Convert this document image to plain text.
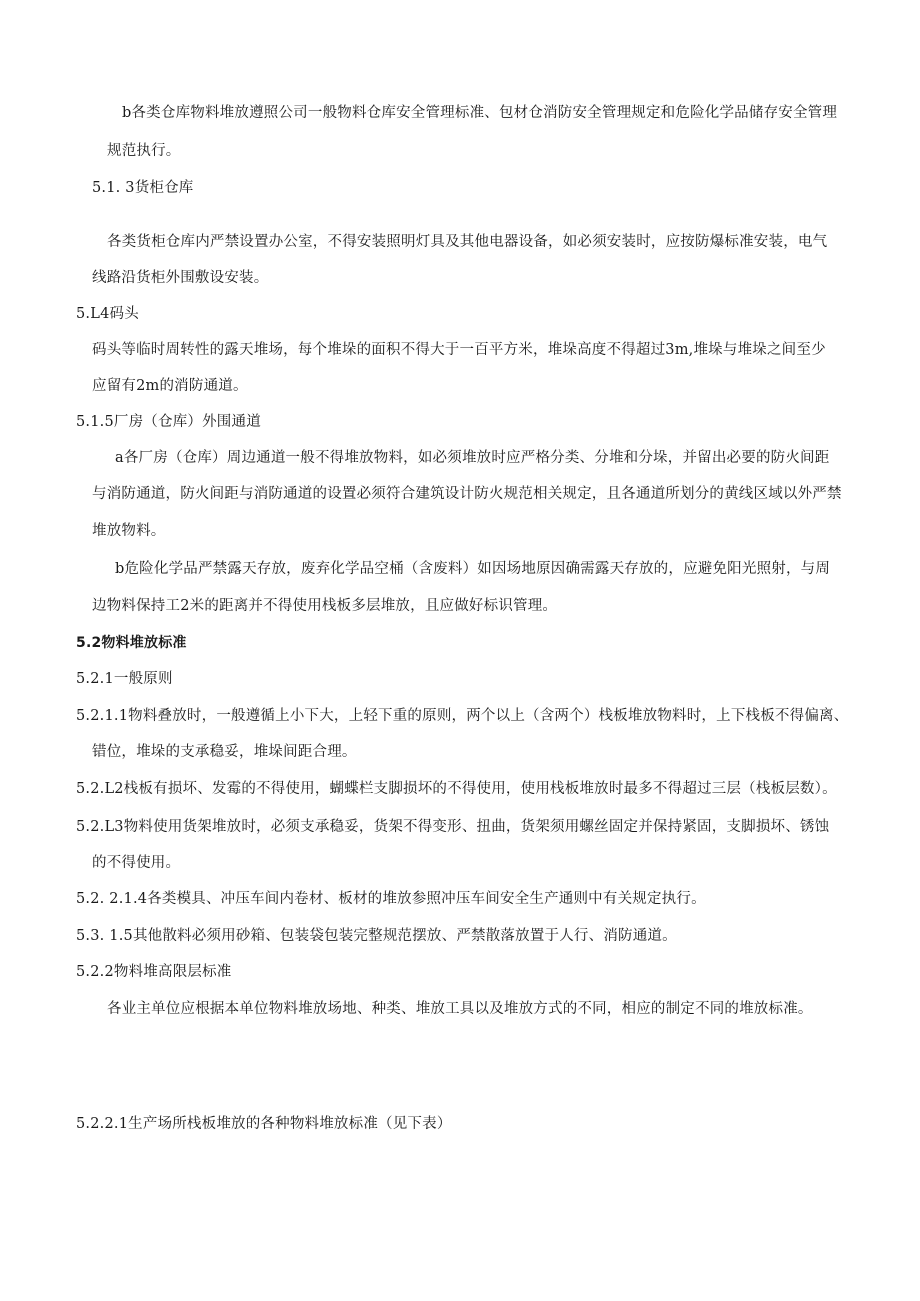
b各类仓库物料堆放遵照公司一般物料仓库安全管理标准、包材仓消防安全管理规定和危险化学品储存安全管理
规范执行。
5.1. 3货柜仓库
各类货柜仓库内严禁设置办公室，不得安装照明灯具及其他电器设备，如必须安装时，应按防爆标准安装，电气
线路沿货柜外围敷设安装。
5.L4码头
码头等临时周转性的露天堆场，每个堆垛的面积不得大于一百平方米，堆垛高度不得超过3m,堆垛与堆垛之间至少
应留有2m的消防通道。
5.1.5厂房（仓库）外围通道
a各厂房（仓库）周边通道一般不得堆放物料，如必须堆放时应严格分类、分堆和分垛，并留出必要的防火间距
与消防通道，防火间距与消防通道的设置必须符合建筑设计防火规范相关规定，且各通道所划分的黄线区域以外严禁
堆放物料。
b危险化学品严禁露天存放，废弃化学品空桶（含废料）如因场地原因确需露天存放的，应避免阳光照射，与周
边物料保持工2米的距离并不得使用栈板多层堆放，且应做好标识管理。
5.2物料堆放标准
5.2.1一般原则
5.2.1.1物料叠放时，一般遵循上小下大，上轻下重的原则，两个以上（含两个）栈板堆放物料时，上下栈板不得偏离、
错位，堆垛的支承稳妥，堆垛间距合理。
5.2.L2栈板有损坏、发霉的不得使用，蝴蝶栏支脚损坏的不得使用，使用栈板堆放时最多不得超过三层（栈板层数）。
5.2.L3物料使用货架堆放时，必须支承稳妥，货架不得变形、扭曲，货架须用螺丝固定并保持紧固，支脚损坏、锈蚀
的不得使用。
5.2. 2.1.4各类模具、冲压车间内卷材、板材的堆放参照冲压车间安全生产通则中有关规定执行。
5.3. 1.5其他散料必须用砂箱、包装袋包装完整规范摆放、严禁散落放置于人行、消防通道。
5.2.2物料堆高限层标准
各业主单位应根据本单位物料堆放场地、种类、堆放工具以及堆放方式的不同，相应的制定不同的堆放标准。
5.2.2.1生产场所栈板堆放的各种物料堆放标准（见下表）
